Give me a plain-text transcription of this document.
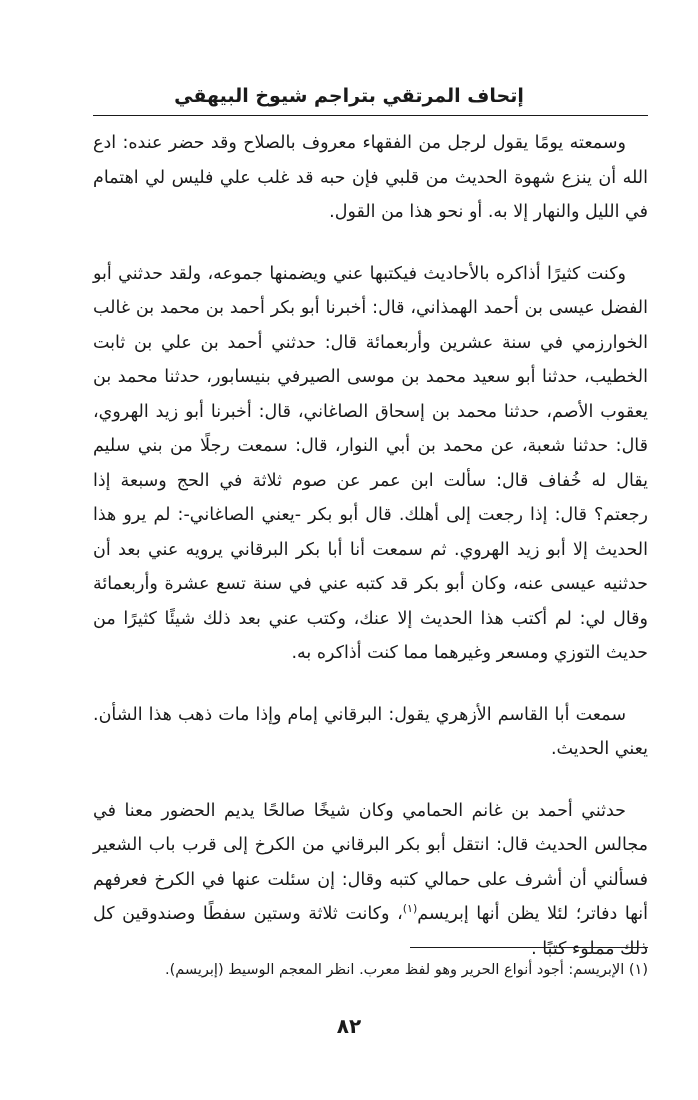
إتحاف المرتقي بتراجم شيوخ البيهقي

وسمعته يومًا يقول لرجل من الفقهاء معروف بالصلاح وقد حضر عنده: ادع الله أن ينزع شهوة الحديث من قلبي فإن حبه قد غلب علي فليس لي اهتمام في الليل والنهار إلا به. أو نحو هذا من القول.

وكنت كثيرًا أذاكره بالأحاديث فيكتبها عني ويضمنها جموعه، ولقد حدثني أبو الفضل عيسى بن أحمد الهمذاني، قال: أخبرنا أبو بكر أحمد بن محمد بن غالب الخوارزمي في سنة عشرين وأربعمائة قال: حدثني أحمد بن علي بن ثابت الخطيب، حدثنا أبو سعيد محمد بن موسى الصيرفي بنيسابور، حدثنا محمد بن يعقوب الأصم، حدثنا محمد بن إسحاق الصاغاني، قال: أخبرنا أبو زيد الهروي، قال: حدثنا شعبة، عن محمد بن أبي النوار، قال: سمعت رجلًا من بني سليم يقال له خُفاف قال: سألت ابن عمر عن صوم ثلاثة في الحج وسبعة إذا رجعتم؟ قال: إذا رجعت إلى أهلك. قال أبو بكر -يعني الصاغاني-: لم يرو هذا الحديث إلا أبو زيد الهروي. ثم سمعت أنا أبا بكر البرقاني يرويه عني بعد أن حدثنيه عيسى عنه، وكان أبو بكر قد كتبه عني في سنة تسع عشرة وأربعمائة وقال لي: لم أكتب هذا الحديث إلا عنك، وكتب عني بعد ذلك شيئًا كثيرًا من حديث التوزي ومسعر وغيرهما مما كنت أذاكره به.

سمعت أبا القاسم الأزهري يقول: البرقاني إمام وإذا مات ذهب هذا الشأن. يعني الحديث.

حدثني أحمد بن غانم الحمامي وكان شيخًا صالحًا يديم الحضور معنا في مجالس الحديث قال: انتقل أبو بكر البرقاني من الكرخ إلى قرب باب الشعير فسألني أن أشرف على حمالي كتبه وقال: إن سئلت عنها في الكرخ فعرفهم أنها دفاتر؛ لئلا يظن أنها إبريسم$^{(١)}$، وكانت ثلاثة وستين سفطًا وصندوقين كل ذلك مملوء كتبًا .

(١) الإبريسم: أجود أنواع الحرير وهو لفظ معرب. انظر المعجم الوسيط (إبريسم).
٨٢
